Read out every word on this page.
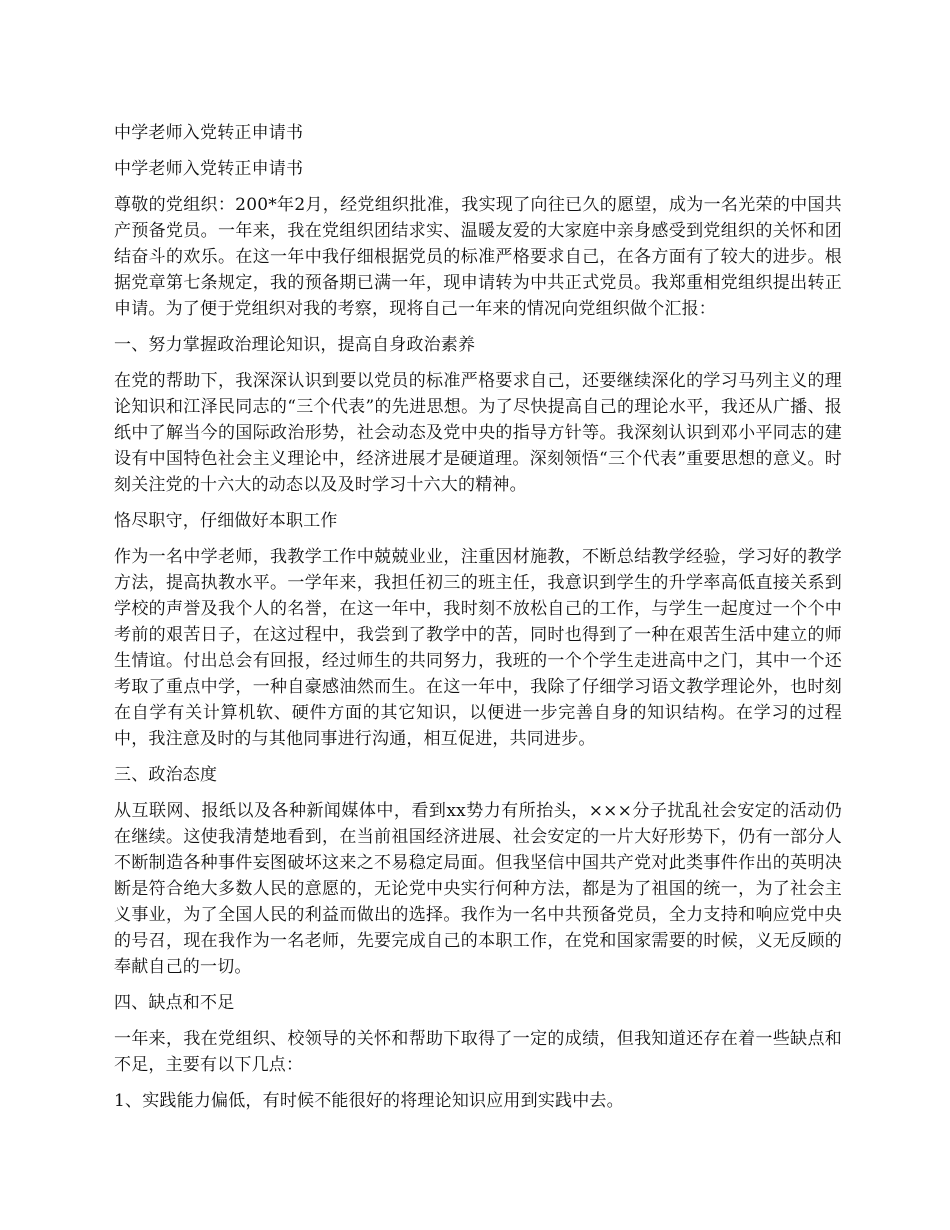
中学老师入党转正申请书

中学老师入党转正申请书

尊敬的党组织：200*年2月，经党组织批准，我实现了向往已久的愿望，成为一名光荣的中国共产预备党员。一年来，我在党组织团结求实、温暖友爱的大家庭中亲身感受到党组织的关怀和团结奋斗的欢乐。在这一年中我仔细根据党员的标准严格要求自己，在各方面有了较大的进步。根据党章第七条规定，我的预备期已满一年，现申请转为中共正式党员。我郑重相党组织提出转正申请。为了便于党组织对我的考察，现将自己一年来的情况向党组织做个汇报：

一、努力掌握政治理论知识，提高自身政治素养

在党的帮助下，我深深认识到要以党员的标准严格要求自己，还要继续深化的学习马列主义的理论知识和江泽民同志的“三个代表”的先进思想。为了尽快提高自己的理论水平，我还从广播、报纸中了解当今的国际政治形势，社会动态及党中央的指导方针等。我深刻认识到邓小平同志的建设有中国特色社会主义理论中，经济进展才是硬道理。深刻领悟“三个代表”重要思想的意义。时刻关注党的十六大的动态以及及时学习十六大的精神。

恪尽职守，仔细做好本职工作

作为一名中学老师，我教学工作中兢兢业业，注重因材施教，不断总结教学经验，学习好的教学方法，提高执教水平。一学年来，我担任初三的班主任，我意识到学生的升学率高低直接关系到学校的声誉及我个人的名誉，在这一年中，我时刻不放松自己的工作，与学生一起度过一个个中考前的艰苦日子，在这过程中，我尝到了教学中的苦，同时也得到了一种在艰苦生活中建立的师生情谊。付出总会有回报，经过师生的共同努力，我班的一个个学生走进高中之门，其中一个还考取了重点中学，一种自豪感油然而生。在这一年中，我除了仔细学习语文教学理论外，也时刻在自学有关计算机软、硬件方面的其它知识，以便进一步完善自身的知识结构。在学习的过程中，我注意及时的与其他同事进行沟通，相互促进，共同进步。

三、政治态度

从互联网、报纸以及各种新闻媒体中，看到xx势力有所抬头，×××分子扰乱社会安定的活动仍在继续。这使我清楚地看到，在当前祖国经济进展、社会安定的一片大好形势下，仍有一部分人不断制造各种事件妄图破坏这来之不易稳定局面。但我坚信中国共产党对此类事件作出的英明决断是符合绝大多数人民的意愿的，无论党中央实行何种方法，都是为了祖国的统一，为了社会主义事业，为了全国人民的利益而做出的选择。我作为一名中共预备党员，全力支持和响应党中央的号召，现在我作为一名老师，先要完成自己的本职工作，在党和国家需要的时候，义无反顾的奉献自己的一切。

四、缺点和不足

一年来，我在党组织、校领导的关怀和帮助下取得了一定的成绩，但我知道还存在着一些缺点和不足，主要有以下几点：

1、实践能力偏低，有时候不能很好的将理论知识应用到实践中去。
